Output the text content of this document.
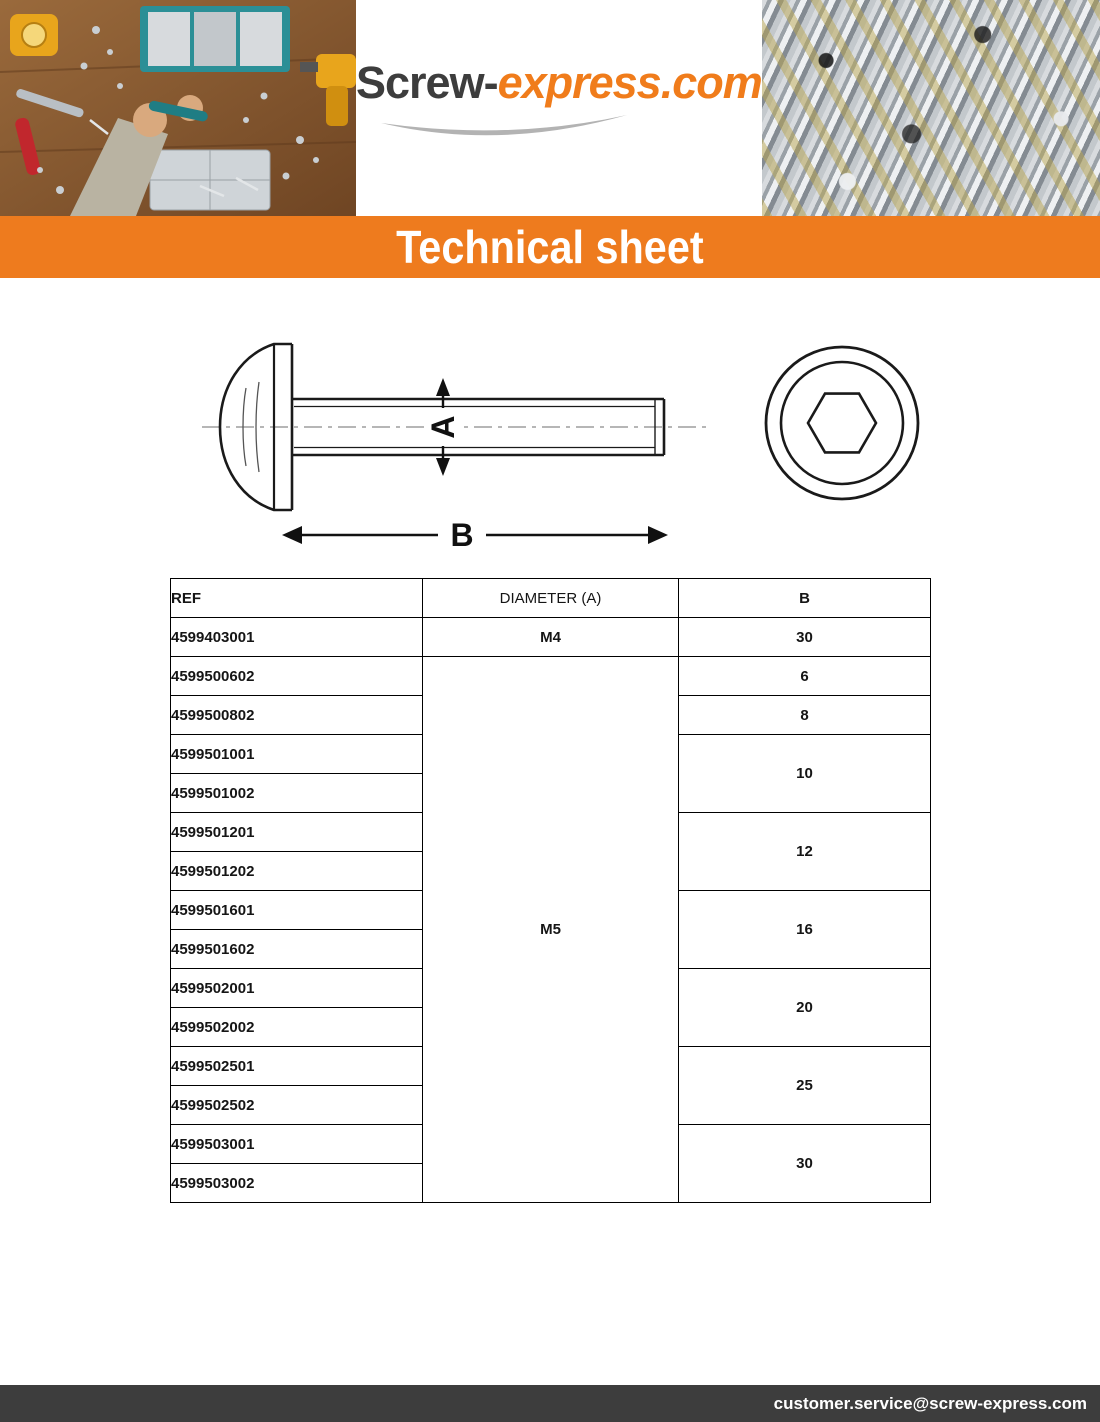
Screw-express.com
Technical sheet
A
B
REF	DIAMETER (A)	B
4599403001	M4	30
4599500602	M5	6
4599500802		8
4599501001		10
4599501002		
4599501201		12
4599501202		
4599501601		16
4599501602		
4599502001		20
4599502002		
4599502501		25
4599502502		
4599503001		30
4599503002		
customer.service@screw-express.com
